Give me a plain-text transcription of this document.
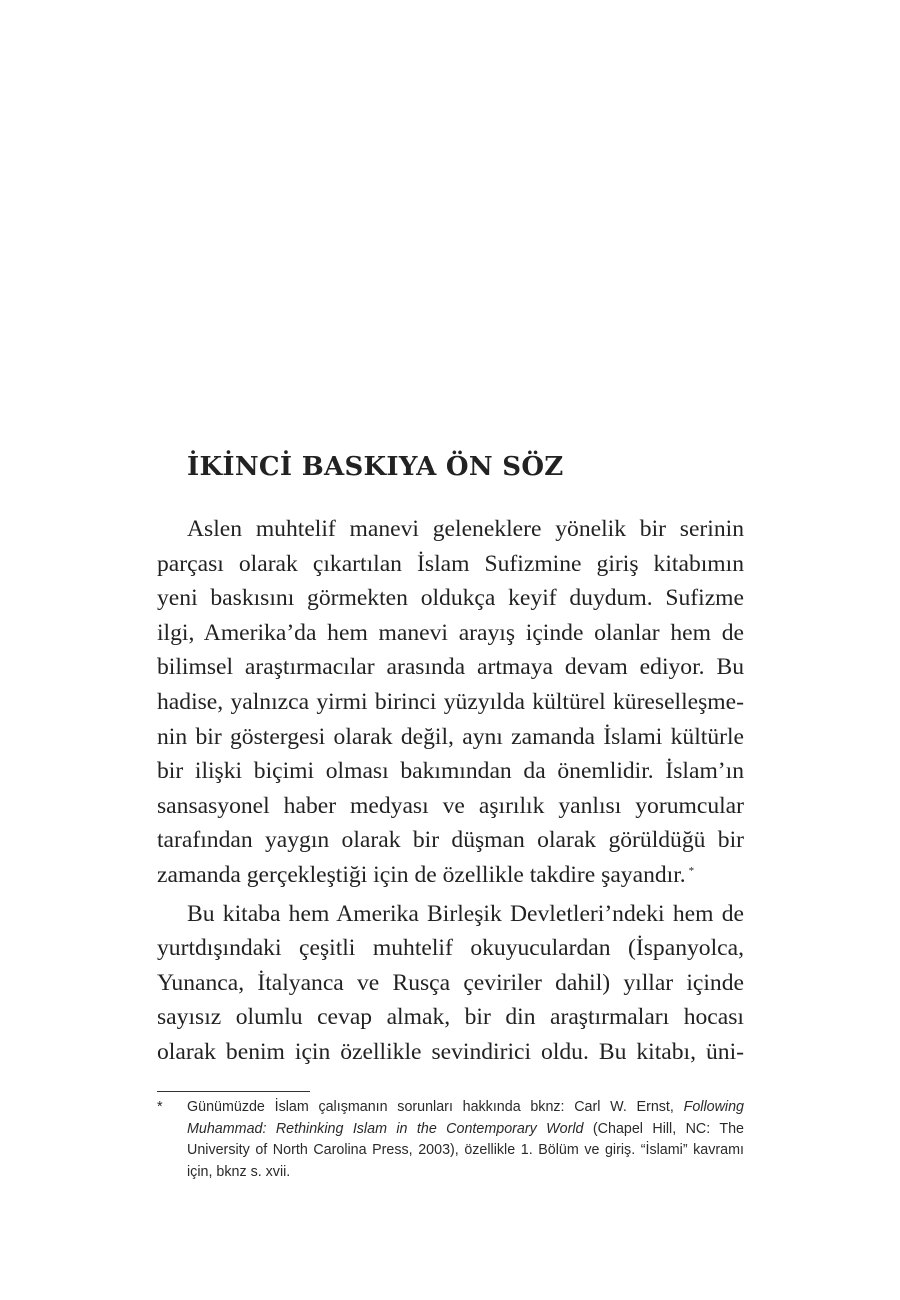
İKİNCİ BASKIYA ÖN SÖZ

Aslen muhtelif manevi geleneklere yönelik bir serinin
parçası olarak çıkartılan İslam Sufizmine giriş kitabımın
yeni baskısını görmekten oldukça keyif duydum. Sufizme
ilgi, Amerika’da hem manevi arayış içinde olanlar hem de
bilimsel araştırmacılar arasında artmaya devam ediyor. Bu
hadise, yalnızca yirmi birinci yüzyılda kültürel küreselleşme-
nin bir göstergesi olarak değil, aynı zamanda İslami kültürle
bir ilişki biçimi olması bakımından da önemlidir. İslam’ın
sansasyonel haber medyası ve aşırılık yanlısı yorumcular
tarafından yaygın olarak bir düşman olarak görüldüğü bir
zamanda gerçekleştiği için de özellikle takdire şayandır. *

Bu kitaba hem Amerika Birleşik Devletleri’ndeki hem de
yurtdışındaki çeşitli muhtelif okuyuculardan (İspanyolca,
Yunanca, İtalyanca ve Rusça çeviriler dahil) yıllar içinde
sayısız olumlu cevap almak, bir din araştırmaları hocası
olarak benim için özellikle sevindirici oldu. Bu kitabı, üni-

* Günümüzde İslam çalışmanın sorunları hakkında bknz: Carl W. Ernst, Following
Muhammad: Rethinking Islam in the Contemporary World (Chapel Hill, NC: The
University of North Carolina Press, 2003), özellikle 1. Bölüm ve giriş. “İslami” kavramı
için, bknz s. xvii.
